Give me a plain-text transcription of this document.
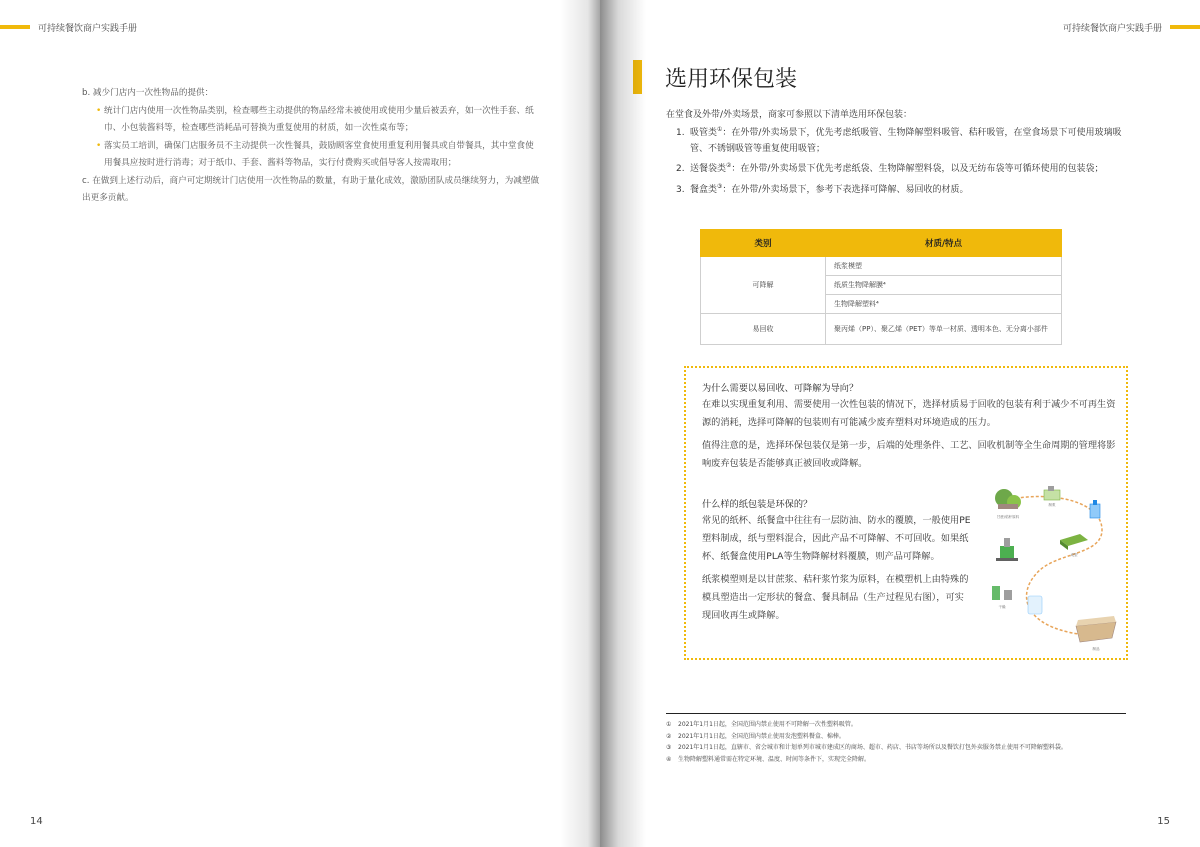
可持续餐饮商户实践手册
b. 减少门店内一次性物品的提供：
• 统计门店内使用一次性物品类别，检查哪些主动提供的物品经常未被使用或使用少量后被丢弃，如一次性手套、纸巾、小包装酱料等，检查哪些消耗品可替换为重复使用的材质，如一次性桌布等；
• 落实员工培训，确保门店服务员不主动提供一次性餐具，鼓励顾客堂食使用重复利用餐具或自带餐具，其中堂食使用餐具应按时进行消毒；对于纸巾、手套、酱料等物品，实行付费购买或倡导客人按需取用；
c. 在做到上述行动后，商户可定期统计门店使用一次性物品的数量，有助于量化成效，激励团队成员继续努力，为减塑做出更多贡献。
14
可持续餐饮商户实践手册
选用环保包装
在堂食及外带/外卖场景，商家可参照以下清单选用环保包装：
1. 吸管类①：在外带/外卖场景下，优先考虑纸吸管、生物降解塑料吸管、秸秆吸管，在堂食场景下可使用玻璃吸管、不锈钢吸管等重复使用吸管；
2. 送餐袋类②：在外带/外卖场景下优先考虑纸袋、生物降解塑料袋，以及无纺布袋等可循环使用的包装袋；
3. 餐盒类③：在外带/外卖场景下，参考下表选择可降解、易回收的材质。
类别	材质/特点
可降解	纸浆模塑
	纸质生物降解膜⁴
	生物降解塑料⁴
易回收	聚丙烯（PP）、聚乙烯（PET）等单一材质、透明本色、无分离小部件
为什么需要以易回收、可降解为导向？
在难以实现重复利用、需要使用一次性包装的情况下，选择材质易于回收的包装有利于减少不可再生资源的消耗，选择可降解的包装则有可能减少废弃塑料对环境造成的压力。
值得注意的是，选择环保包装仅是第一步，后端的处理条件、工艺、回收机制等全生命周期的管理将影响废弃包装是否能够真正被回收或降解。
什么样的纸包装是环保的？
常见的纸杯、纸餐盒中往往有一层防油、防水的覆膜，一般使用PE塑料制成，纸与塑料混合，因此产品不可降解、不可回收。如果纸杯、纸餐盒使用PLA等生物降解材料覆膜，则产品可降解。
纸浆模塑则是以甘蔗浆、秸秆浆竹浆为原料，在模塑机上由特殊的模具塑造出一定形状的餐盒、餐具制品（生产过程见右图），可实现回收再生或降解。
甘蔗/秸秆原料
制浆
成型
干燥
制品
① 2021年1月1日起，全国范围内禁止使用不可降解一次性塑料吸管。
② 2021年1月1日起，全国范围内禁止使用发泡塑料餐盒、棉棒。
③ 2021年1月1日起，直辖市、省会城市和计划单列市城市建成区的商场、超市、药店、书店等场所以及餐饮打包外卖服务禁止使用不可降解塑料袋。
④ 生物降解塑料通常需在特定环境、温度、时间等条件下，实现完全降解。
15
